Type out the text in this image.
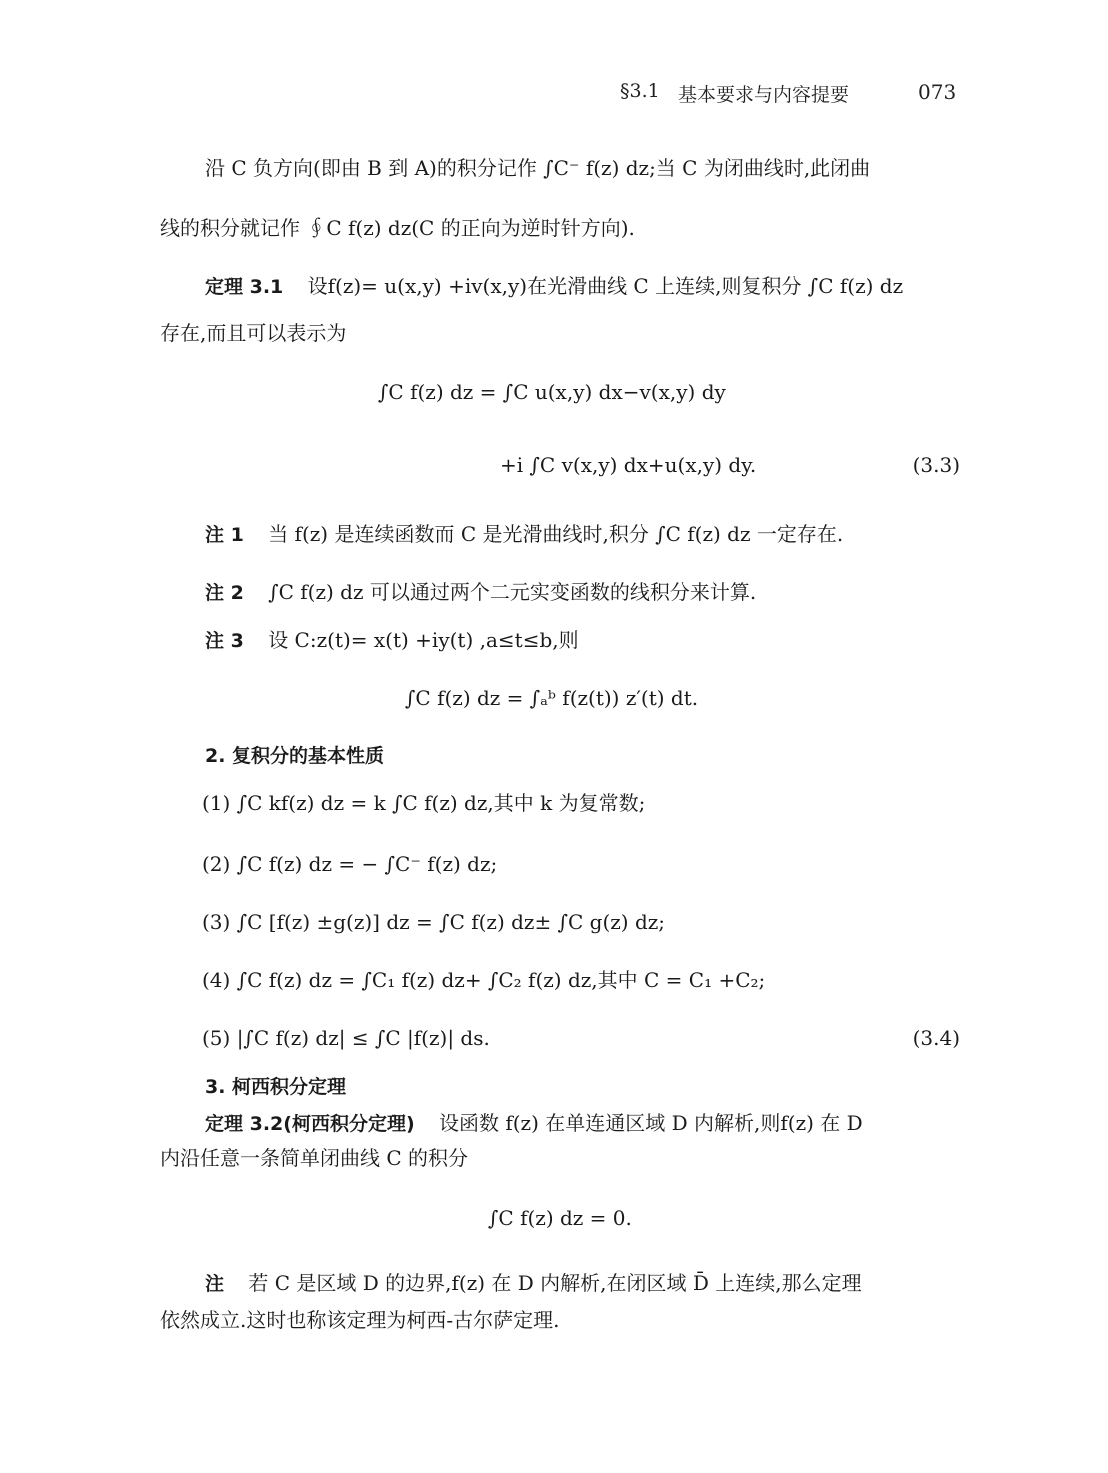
§3.1 基本要求与内容提要	073
沿 C 负方向(即由 B 到 A)的积分记作 ∫C⁻ f(z) dz;当 C 为闭曲线时,此闭曲
线的积分就记作 ∮C f(z) dz(C 的正向为逆时针方向).
定理 3.1 设f(z)= u(x,y) +iv(x,y)在光滑曲线 C 上连续,则复积分 ∫C f(z) dz
存在,而且可以表示为
∫C f(z) dz = ∫C u(x,y) dx−v(x,y) dy
+i ∫C v(x,y) dx+u(x,y) dy.	(3.3)
注 1 当 f(z) 是连续函数而 C 是光滑曲线时,积分 ∫C f(z) dz 一定存在.
注 2 ∫C f(z) dz 可以通过两个二元实变函数的线积分来计算.
注 3 设 C:z(t)= x(t) +iy(t) ,a≤t≤b,则
∫C f(z) dz = ∫ₐᵇ f(z(t)) z′(t) dt.
2. 复积分的基本性质
(1) ∫C kf(z) dz = k ∫C f(z) dz,其中 k 为复常数;
(2) ∫C f(z) dz = − ∫C⁻ f(z) dz;
(3) ∫C [f(z) ±g(z)] dz = ∫C f(z) dz± ∫C g(z) dz;
(4) ∫C f(z) dz = ∫C₁ f(z) dz+ ∫C₂ f(z) dz,其中 C = C₁ +C₂;
(5) |∫C f(z) dz| ≤ ∫C |f(z)| ds.	(3.4)
3. 柯西积分定理
定理 3.2(柯西积分定理) 设函数 f(z) 在单连通区域 D 内解析,则f(z) 在 D
内沿任意一条简单闭曲线 C 的积分
∫C f(z) dz = 0.
注 若 C 是区域 D 的边界,f(z) 在 D 内解析,在闭区域 D̄ 上连续,那么定理
依然成立.这时也称该定理为柯西-古尔萨定理.
